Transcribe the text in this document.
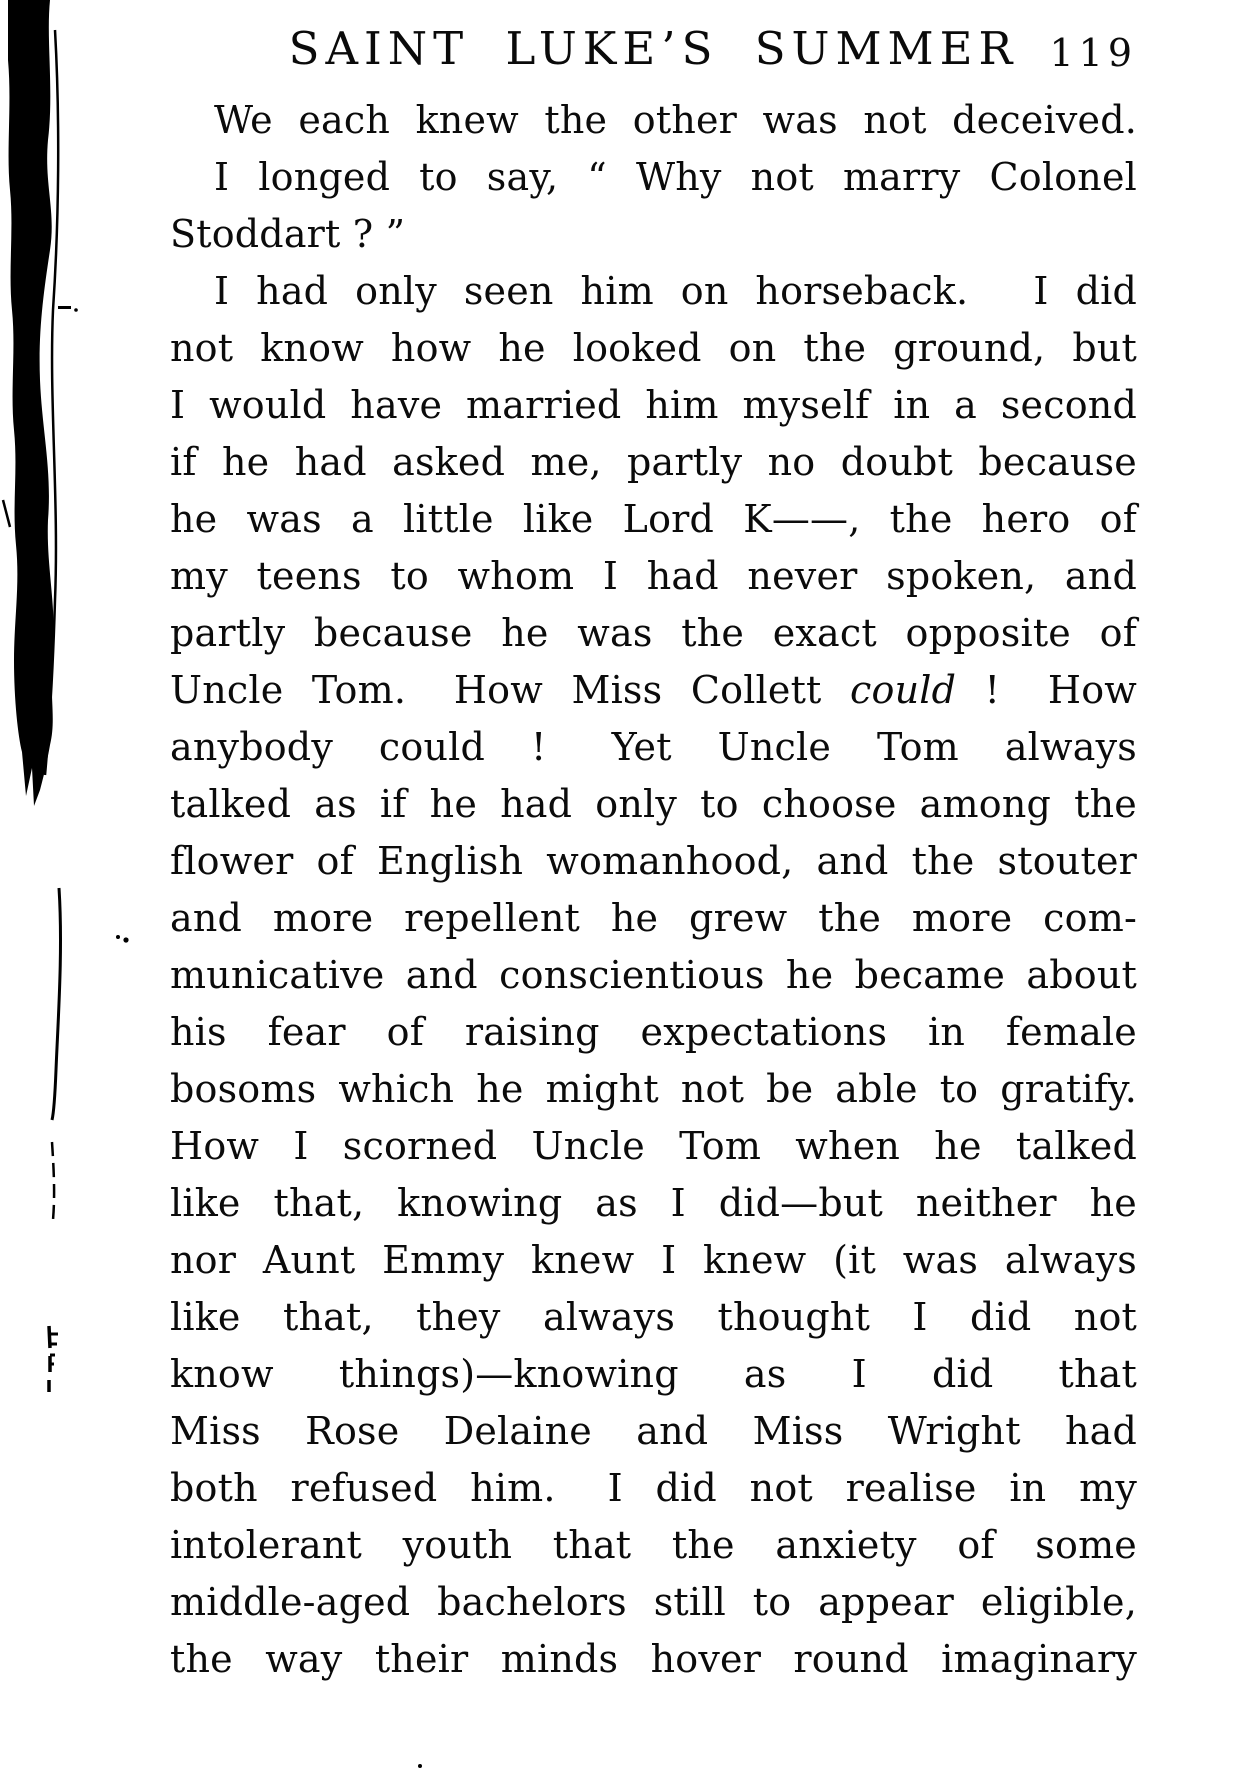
SAINT LUKE’S SUMMER 119
We each knew the other was not deceived.
I longed to say, “ Why not marry Colonel
Stoddart ? ”
I had only seen him on horseback.  I did
not know how he looked on the ground, but
I would have married him myself in a second
if he had asked me, partly no doubt because
he was a little like Lord K——, the hero of
my teens to whom I had never spoken, and
partly because he was the exact opposite of
Uncle Tom.  How Miss Collett could !  How
anybody could !  Yet Uncle Tom always
talked as if he had only to choose among the
flower of English womanhood, and the stouter
and more repellent he grew the more com-
municative and conscientious he became about
his fear of raising expectations in female
bosoms which he might not be able to gratify.
How I scorned Uncle Tom when he talked
like that, knowing as I did—but neither he
nor Aunt Emmy knew I knew (it was always
like that, they always thought I did not
know things)—knowing as I did that
Miss Rose Delaine and Miss Wright had
both refused him.  I did not realise in my
intolerant youth that the anxiety of some
middle-aged bachelors still to appear eligible,
the way their minds hover round imaginary
